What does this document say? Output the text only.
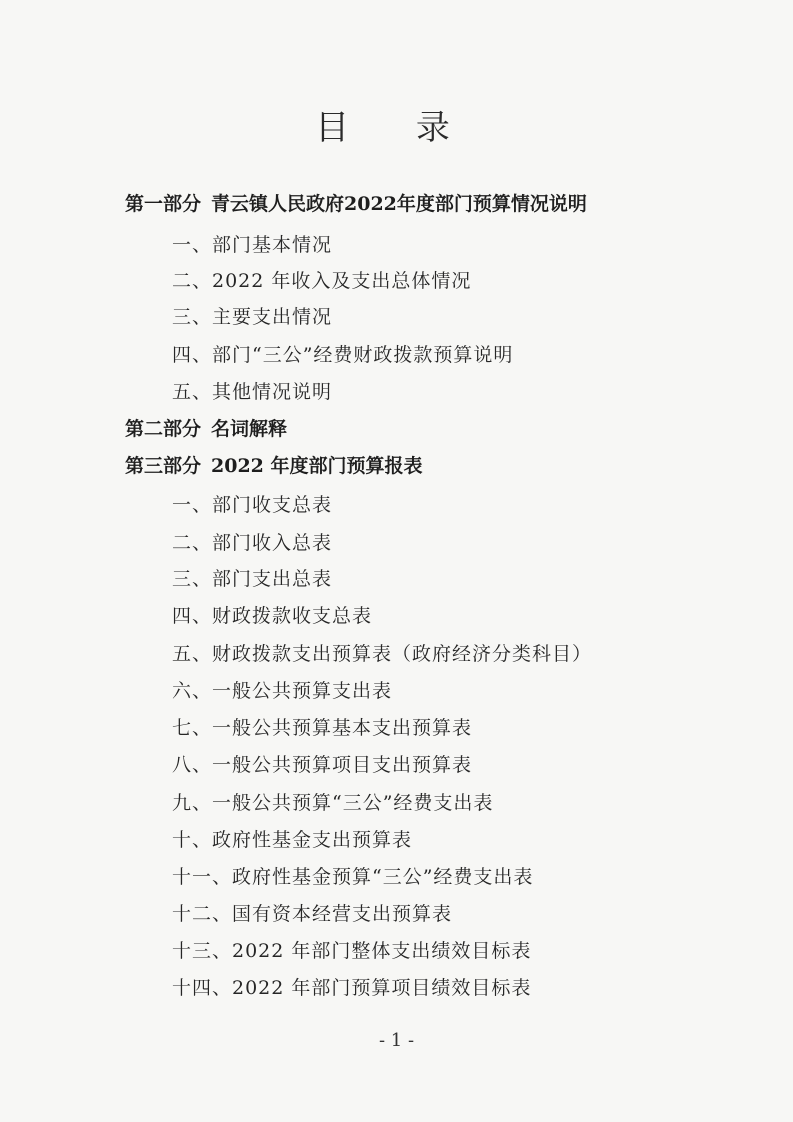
目 录
第一部分 青云镇人民政府2022年度部门预算情况说明
一、部门基本情况
二、2022 年收入及支出总体情况
三、主要支出情况
四、部门“三公”经费财政拨款预算说明
五、其他情况说明
第二部分 名词解释
第三部分 2022 年度部门预算报表
一、部门收支总表
二、部门收入总表
三、部门支出总表
四、财政拨款收支总表
五、财政拨款支出预算表（政府经济分类科目）
六、一般公共预算支出表
七、一般公共预算基本支出预算表
八、一般公共预算项目支出预算表
九、一般公共预算“三公”经费支出表
十、政府性基金支出预算表
十一、政府性基金预算“三公”经费支出表
十二、国有资本经营支出预算表
十三、2022 年部门整体支出绩效目标表
十四、2022 年部门预算项目绩效目标表
- 1 -
